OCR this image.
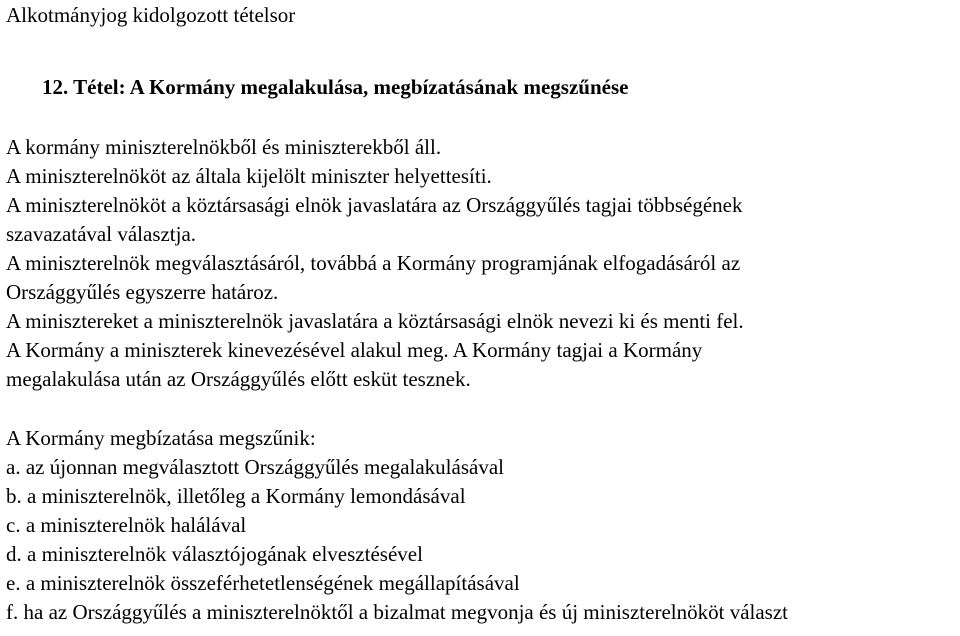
Alkotmányjog kidolgozott tételsor

12. Tétel: A Kormány megalakulása, megbízatásának megszűnése

A kormány miniszterelnökből és miniszterekből áll.

A miniszterelnököt az általa kijelölt miniszter helyettesíti.

A miniszterelnököt a köztársasági elnök javaslatára az Országgyűlés tagjai többségének

szavazatával választja.

A miniszterelnök megválasztásáról, továbbá a Kormány programjának elfogadásáról az

Országgyűlés egyszerre határoz.

A minisztereket a miniszterelnök javaslatára a köztársasági elnök nevezi ki és menti fel.

A Kormány a miniszterek kinevezésével alakul meg. A Kormány tagjai a Kormány

megalakulása után az Országgyűlés előtt esküt tesznek.

A Kormány megbízatása megszűnik:

a. az újonnan megválasztott Országgyűlés megalakulásával

b. a miniszterelnök, illetőleg a Kormány lemondásával

c. a miniszterelnök halálával

d. a miniszterelnök választójogának elvesztésével

e. a miniszterelnök összeférhetetlenségének megállapításával

f. ha az Országgyűlés a miniszterelnöktől a bizalmat megvonja és új miniszterelnököt választ
